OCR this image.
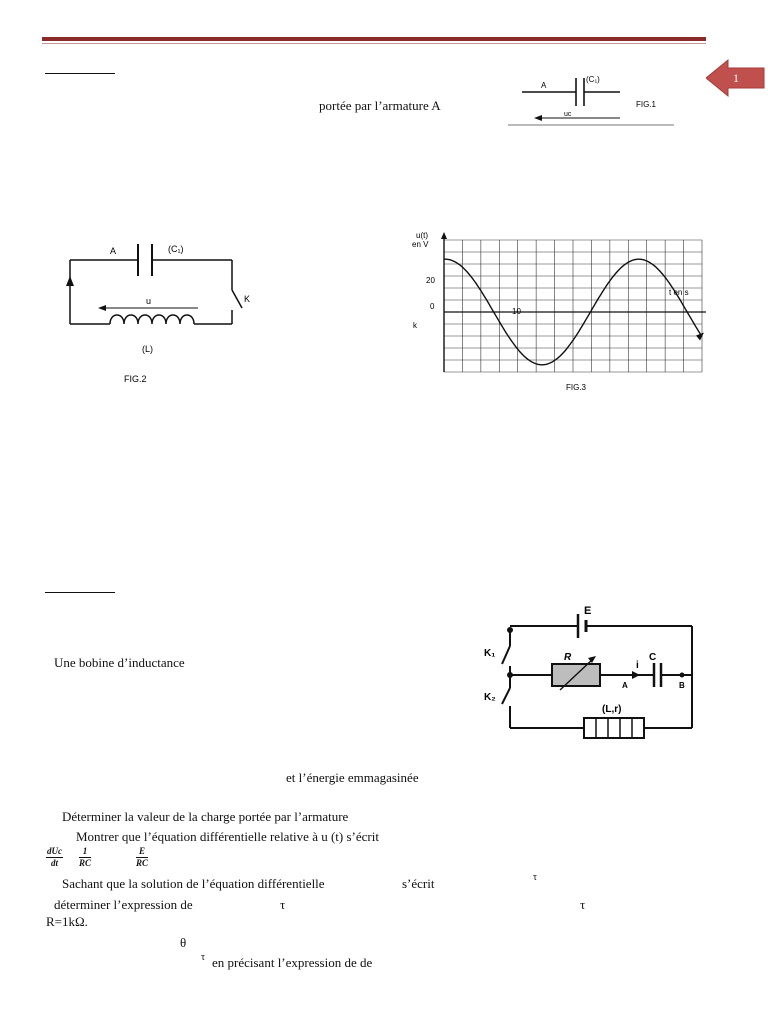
1
portée par l’armature A
A
(C₁)
uᴄ
FIG.1
A	(C₁)
K
u
(L)
FIG.2
u(t)
en V
20
0
k
10
t en s
FIG.3
E
K₁
K₂
R
i
C
A	B
(L,r)
Une bobine d’inductance
et l’énergie emmagasinée
Déterminer la valeur de la charge portée par l’armature
Montrer que l’équation différentielle relative à u (t) s’écrit
dUc
dt	$\frac{1}{RC}$	$\frac{E}{RC}$
Sachant que la solution de l’équation différentielle	s’écrit	τ
déterminer l’expression de	τ	τ
R=1kΩ.
θ
τ en précisant l’expression de de
